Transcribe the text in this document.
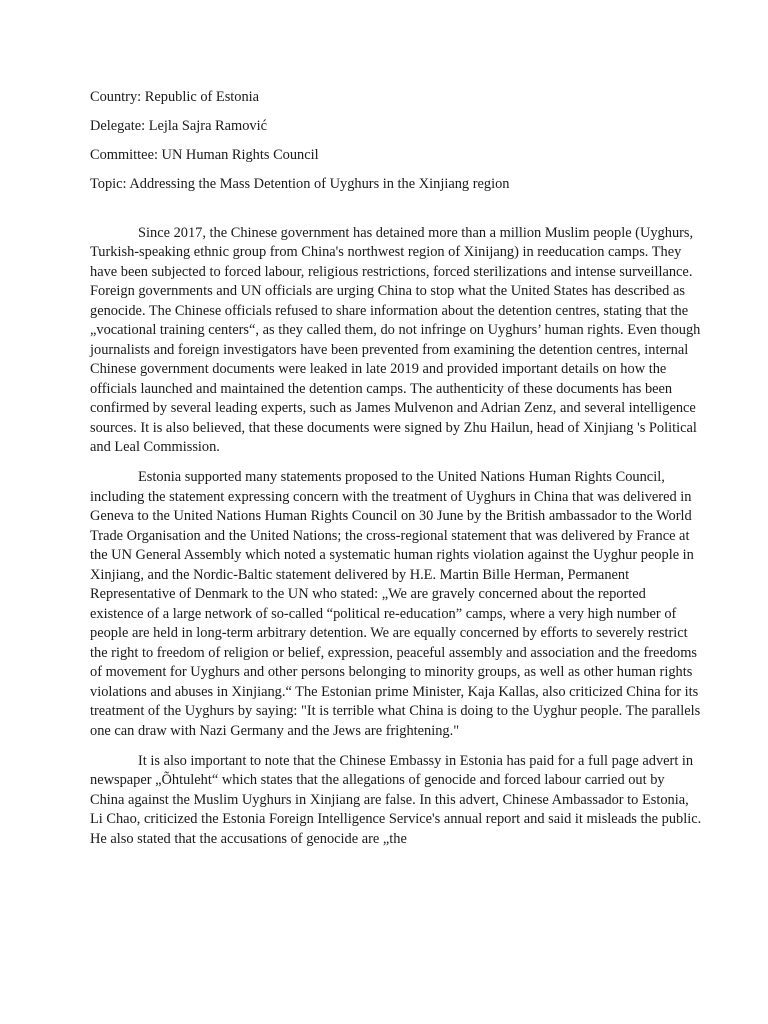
Country: Republic of Estonia

Delegate: Lejla Sajra Ramović

Committee: UN Human Rights Council

Topic: Addressing the Mass Detention of Uyghurs in the Xinjiang region

Since 2017, the Chinese government has detained more than a million Muslim people (Uyghurs, Turkish-speaking ethnic group from China's northwest region of Xinijang) in reeducation camps. They have been subjected to forced labour, religious restrictions, forced sterilizations and intense surveillance. Foreign governments and UN officials are urging China to stop what the United States has described as genocide. The Chinese officials refused to share information about the detention centres, stating that the „vocational training centers“, as they called them, do not infringe on Uyghurs’ human rights. Even though journalists and foreign investigators have been prevented from examining the detention centres, internal Chinese government documents were leaked in late 2019 and provided important details on how the officials launched and maintained the detention camps. The authenticity of these documents has been confirmed by several leading experts, such as James Mulvenon and Adrian Zenz, and several intelligence sources. It is also believed, that these documents were signed by Zhu Hailun, head of Xinjiang 's Political and Leal Commission.

Estonia supported many statements proposed to the United Nations Human Rights Council, including the statement expressing concern with the treatment of Uyghurs in China that was delivered in Geneva to the United Nations Human Rights Council on 30 June by the British ambassador to the World Trade Organisation and the United Nations; the cross-regional statement that was delivered by France at the UN General Assembly which noted a systematic human rights violation against the Uyghur people in Xinjiang, and the Nordic-Baltic statement delivered by H.E. Martin Bille Herman, Permanent Representative of Denmark to the UN who stated: „We are gravely concerned about the reported existence of a large network of so-called “political re-education” camps, where a very high number of people are held in long-term arbitrary detention. We are equally concerned by efforts to severely restrict the right to freedom of religion or belief, expression, peaceful assembly and association and the freedoms of movement for Uyghurs and other persons belonging to minority groups, as well as other human rights violations and abuses in Xinjiang.“ The Estonian prime Minister, Kaja Kallas, also criticized China for its treatment of the Uyghurs by saying: "It is terrible what China is doing to the Uyghur people. The parallels one can draw with Nazi Germany and the Jews are frightening."

It is also important to note that the Chinese Embassy in Estonia has paid for a full page advert in newspaper „Õhtuleht“ which states that the allegations of genocide and forced labour carried out by China against the Muslim Uyghurs in Xinjiang are false. In this advert, Chinese Ambassador to Estonia, Li Chao, criticized the Estonia Foreign Intelligence Service's annual report and said it misleads the public. He also stated that the accusations of genocide are „the
